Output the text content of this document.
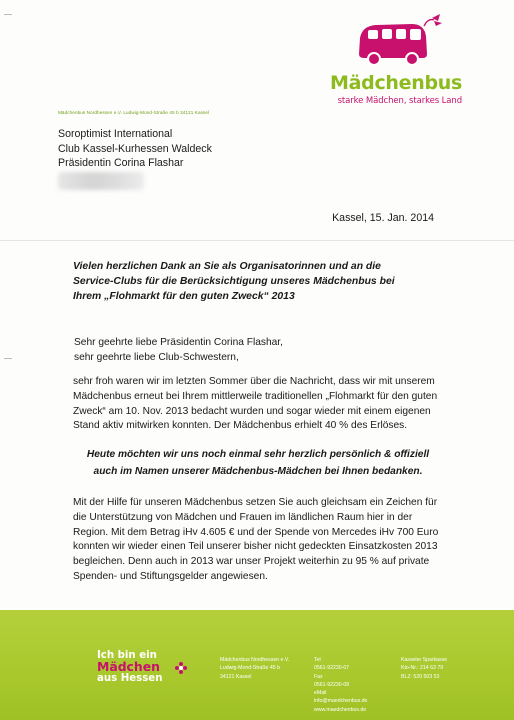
Mädchenbus
starke Mädchen, starkes Land
Mädchenbus Nordhessen e.V. Ludwig-Mond-Straße 45 b 34121 Kassel
Soroptimist International
Club Kassel-Kurhessen Waldeck
Präsidentin Corina Flashar
Kassel, 15. Jan. 2014
Vielen herzlichen Dank an Sie als Organisatorinnen und an die
Service-Clubs für die Berücksichtigung unseres Mädchenbus bei
Ihrem „Flohmarkt für den guten Zweck“ 2013
Sehr geehrte liebe Präsidentin Corina Flashar,
sehr geehrte liebe Club-Schwestern,
sehr froh waren wir im letzten Sommer über die Nachricht, dass wir mit unserem
Mädchenbus erneut bei Ihrem mittlerweile traditionellen „Flohmarkt für den guten
Zweck“ am 10. Nov. 2013 bedacht wurden und sogar wieder mit einem eigenen
Stand aktiv mitwirken konnten. Der Mädchenbus erhielt 40 % des Erlöses.
Heute möchten wir uns noch einmal sehr herzlich persönlich & offiziell
auch im Namen unserer Mädchenbus-Mädchen bei Ihnen bedanken.
Mit der Hilfe für unseren Mädchenbus setzen Sie auch gleichsam ein Zeichen für
die Unterstützung von Mädchen und Frauen im ländlichen Raum hier in der
Region. Mit dem Betrag iHv 4.605 € und der Spende von Mercedes iHv 700 Euro
konnten wir wieder einen Teil unserer bisher nicht gedeckten Einsatzkosten 2013
begleichen. Denn auch in 2013 war unser Projekt weiterhin zu 95 % auf private
Spenden- und Stiftungsgelder angewiesen.
Ich bin ein
Mädchen
aus Hessen
Mädchenbus Nordhessen e.V.
Ludwig-Mond-Straße 45 b
34121 Kassel
Tel
0561-92230-07
Fax
0561-92230-08
eMail
info@maedchenbus.de
www.maedchenbus.de
Kasseler Sparkasse
Kto-Nr.: 214 63 79
BLZ: 520 503 53
